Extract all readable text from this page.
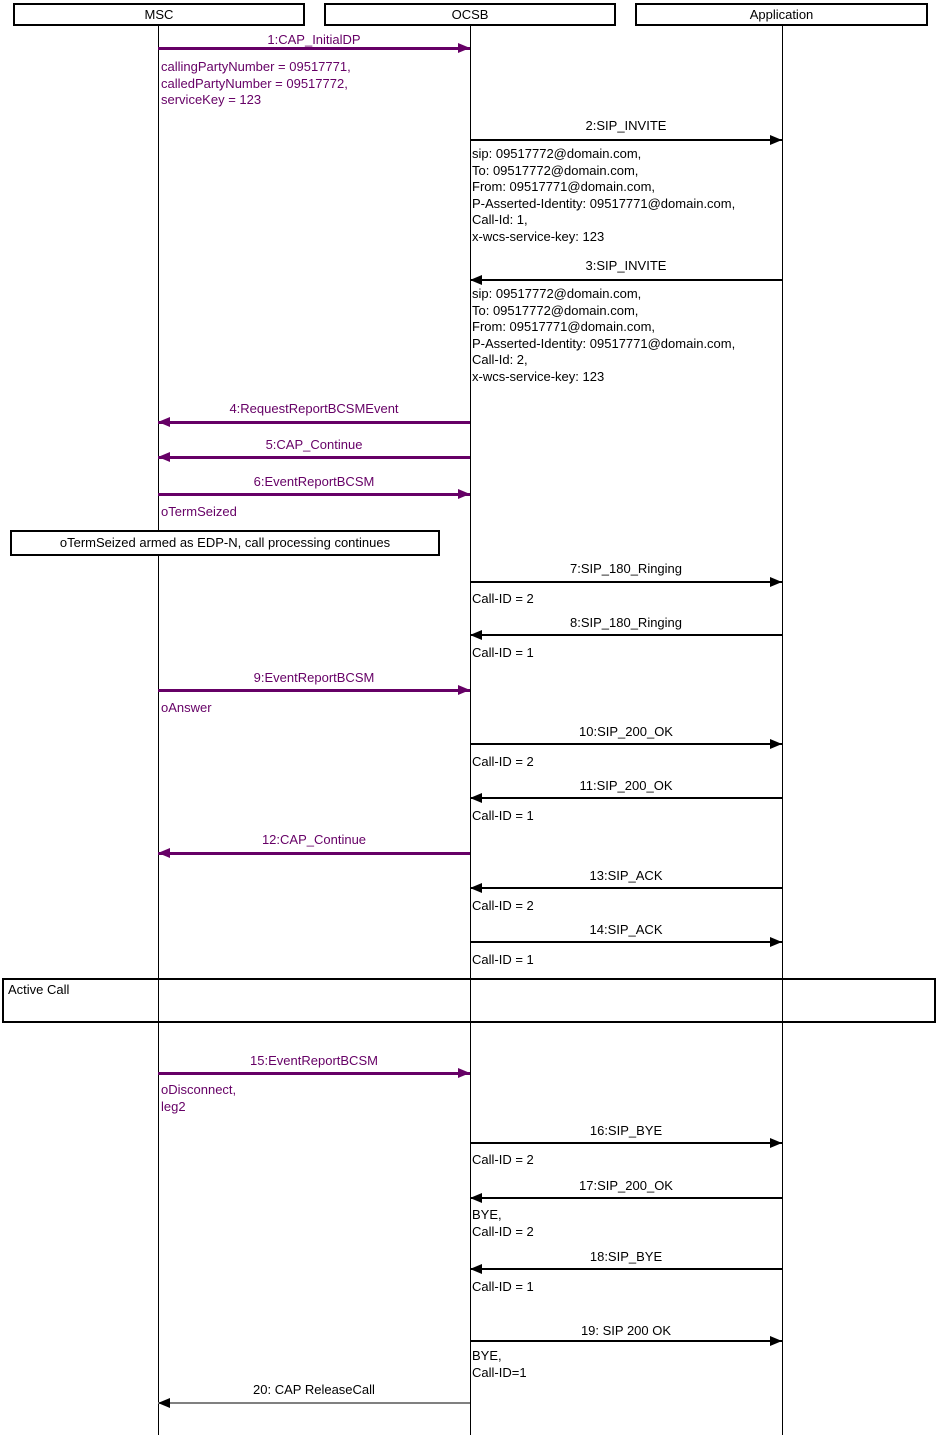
MSC	OCSB	Application
1:CAP_InitialDP
callingPartyNumber = 09517771,
calledPartyNumber = 09517772,
serviceKey = 123
2:SIP_INVITE
sip: 09517772@domain.com,
To: 09517772@domain.com,
From: 09517771@domain.com,
P-Asserted-Identity: 09517771@domain.com,
Call-Id: 1,
x-wcs-service-key: 123
3:SIP_INVITE
sip: 09517772@domain.com,
To: 09517772@domain.com,
From: 09517771@domain.com,
P-Asserted-Identity: 09517771@domain.com,
Call-Id: 2,
x-wcs-service-key: 123
4:RequestReportBCSMEvent
5:CAP_Continue
6:EventReportBCSM
oTermSeized
7:SIP_180_Ringing
Call-ID = 2
8:SIP_180_Ringing
Call-ID = 1
9:EventReportBCSM
oAnswer
10:SIP_200_OK
Call-ID = 2
11:SIP_200_OK
Call-ID = 1
12:CAP_Continue
13:SIP_ACK
Call-ID = 2
14:SIP_ACK
Call-ID = 1
15:EventReportBCSM
oDisconnect,
leg2
16:SIP_BYE
Call-ID = 2
17:SIP_200_OK
BYE,
Call-ID = 2
18:SIP_BYE
Call-ID = 1
19: SIP 200 OK
BYE,
Call-ID=1
20: CAP ReleaseCall
oTermSeized armed as EDP-N, call processing continues
Active Call
